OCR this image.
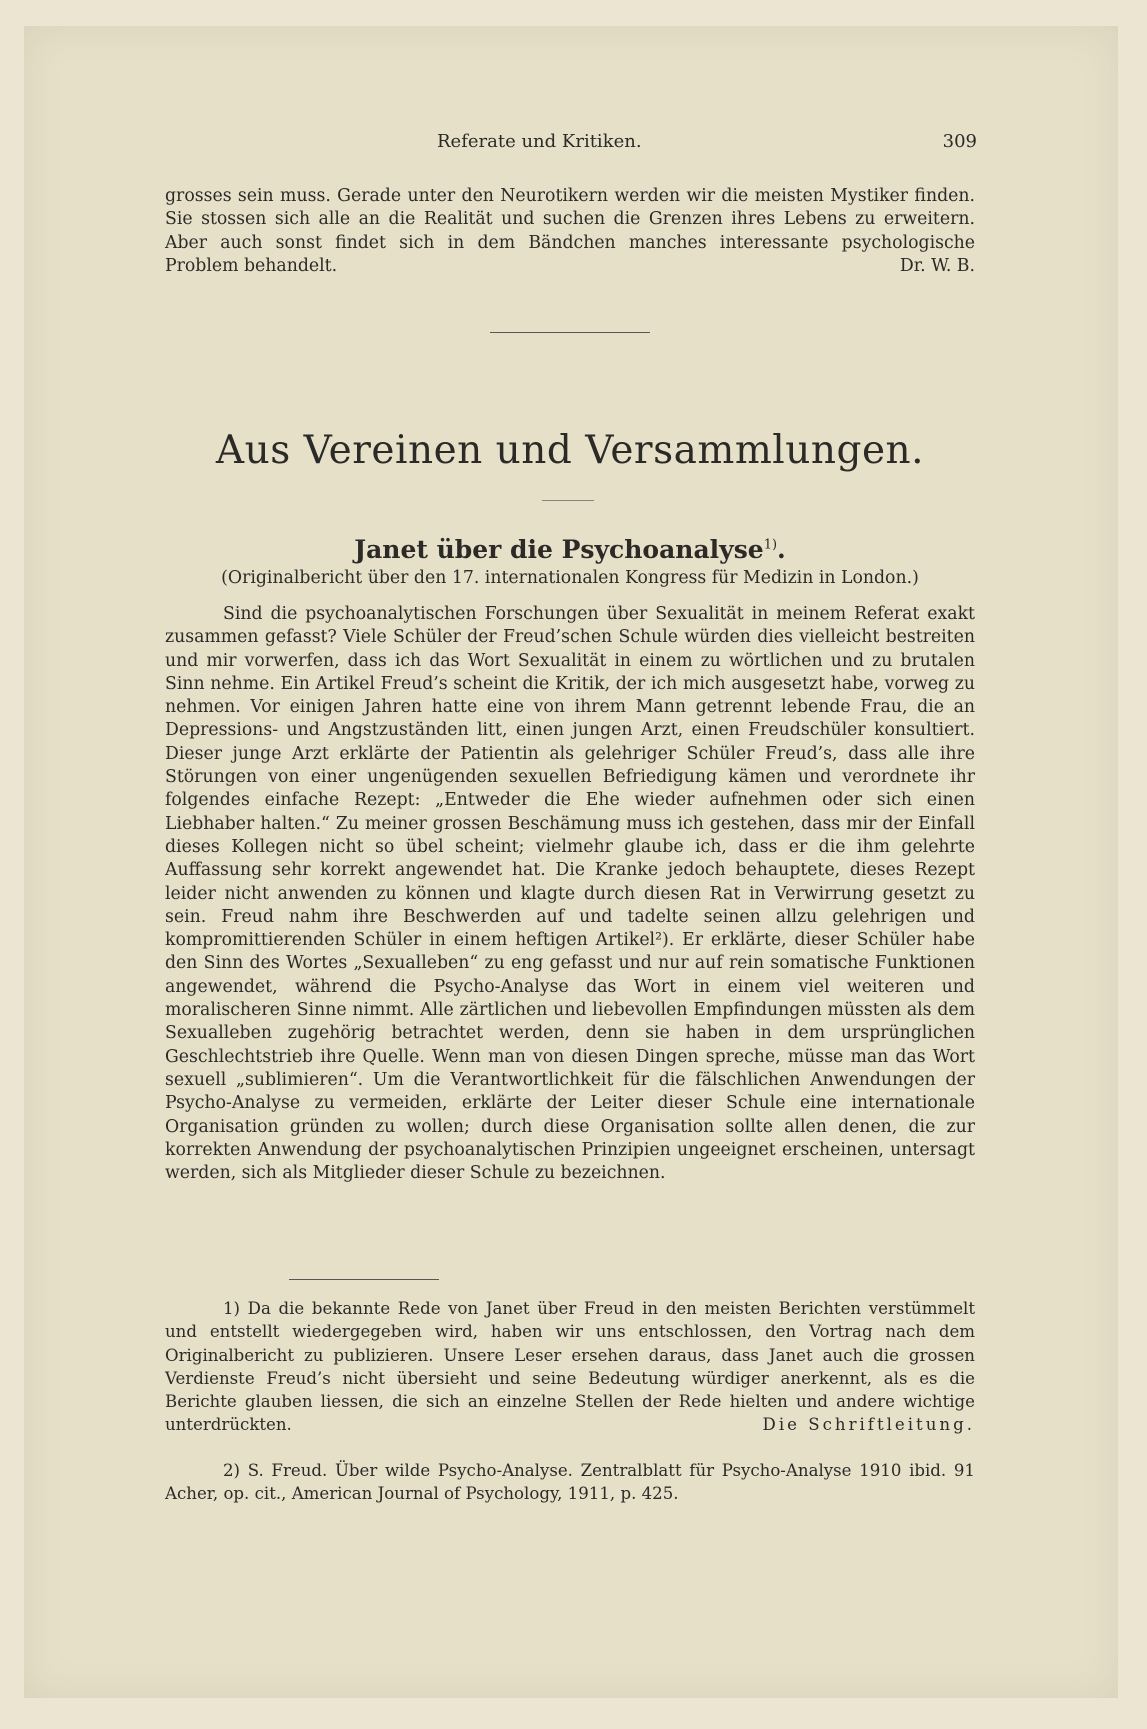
Referate und Kritiken.	309
grosses sein muss. Gerade unter den Neurotikern werden wir die meisten Mystiker finden. Sie stossen sich alle an die Realität und suchen die Grenzen ihres Lebens zu erweitern. Aber auch sonst findet sich in dem Bändchen manches interessante psychologische Problem behandelt.	Dr. W. B.
Aus Vereinen und Versammlungen.
Janet über die Psychoanalyse$^{1)}$.
(Originalbericht über den 17. internationalen Kongress für Medizin in London.)
Sind die psychoanalytischen Forschungen über Sexualität in meinem Referat exakt zusammen gefasst? Viele Schüler der Freud’schen Schule würden dies vielleicht bestreiten und mir vorwerfen, dass ich das Wort Sexualität in einem zu wörtlichen und zu brutalen Sinn nehme. Ein Artikel Freud’s scheint die Kritik, der ich mich ausgesetzt habe, vorweg zu nehmen. Vor einigen Jahren hatte eine von ihrem Mann getrennt lebende Frau, die an Depressions- und Angstzuständen litt, einen jungen Arzt, einen Freudschüler konsultiert. Dieser junge Arzt erklärte der Patientin als gelehriger Schüler Freud’s, dass alle ihre Störungen von einer ungenügenden sexuellen Befriedigung kämen und verordnete ihr folgendes einfache Rezept: „Entweder die Ehe wieder aufnehmen oder sich einen Liebhaber halten.“ Zu meiner grossen Beschämung muss ich gestehen, dass mir der Einfall dieses Kollegen nicht so übel scheint; vielmehr glaube ich, dass er die ihm gelehrte Auffassung sehr korrekt angewendet hat. Die Kranke jedoch behauptete, dieses Rezept leider nicht anwenden zu können und klagte durch diesen Rat in Verwirrung gesetzt zu sein. Freud nahm ihre Beschwerden auf und tadelte seinen allzu gelehrigen und kompromittierenden Schüler in einem heftigen Artikel²). Er erklärte, dieser Schüler habe den Sinn des Wortes „Sexualleben“ zu eng gefasst und nur auf rein somatische Funktionen angewendet, während die Psycho-Analyse das Wort in einem viel weiteren und moralischeren Sinne nimmt. Alle zärtlichen und liebevollen Empfindungen müssten als dem Sexualleben zugehörig betrachtet werden, denn sie haben in dem ursprünglichen Geschlechtstrieb ihre Quelle. Wenn man von diesen Dingen spreche, müsse man das Wort sexuell „sublimieren“. Um die Verantwortlichkeit für die fälschlichen Anwendungen der Psycho-Analyse zu vermeiden, erklärte der Leiter dieser Schule eine internationale Organisation gründen zu wollen; durch diese Organisation sollte allen denen, die zur korrekten Anwendung der psychoanalytischen Prinzipien ungeeignet erscheinen, untersagt werden, sich als Mitglieder dieser Schule zu bezeichnen.
1) Da die bekannte Rede von Janet über Freud in den meisten Berichten verstümmelt und entstellt wiedergegeben wird, haben wir uns entschlossen, den Vortrag nach dem Originalbericht zu publizieren. Unsere Leser ersehen daraus, dass Janet auch die grossen Verdienste Freud’s nicht übersieht und seine Bedeutung würdiger anerkennt, als es die Berichte glauben liessen, die sich an einzelne Stellen der Rede hielten und andere wichtige unterdrückten.	Die Schriftleitung.
2) S. Freud. Über wilde Psycho-Analyse. Zentralblatt für Psycho-Analyse 1910 ibid. 91 Acher, op. cit., American Journal of Psychology, 1911, p. 425.
